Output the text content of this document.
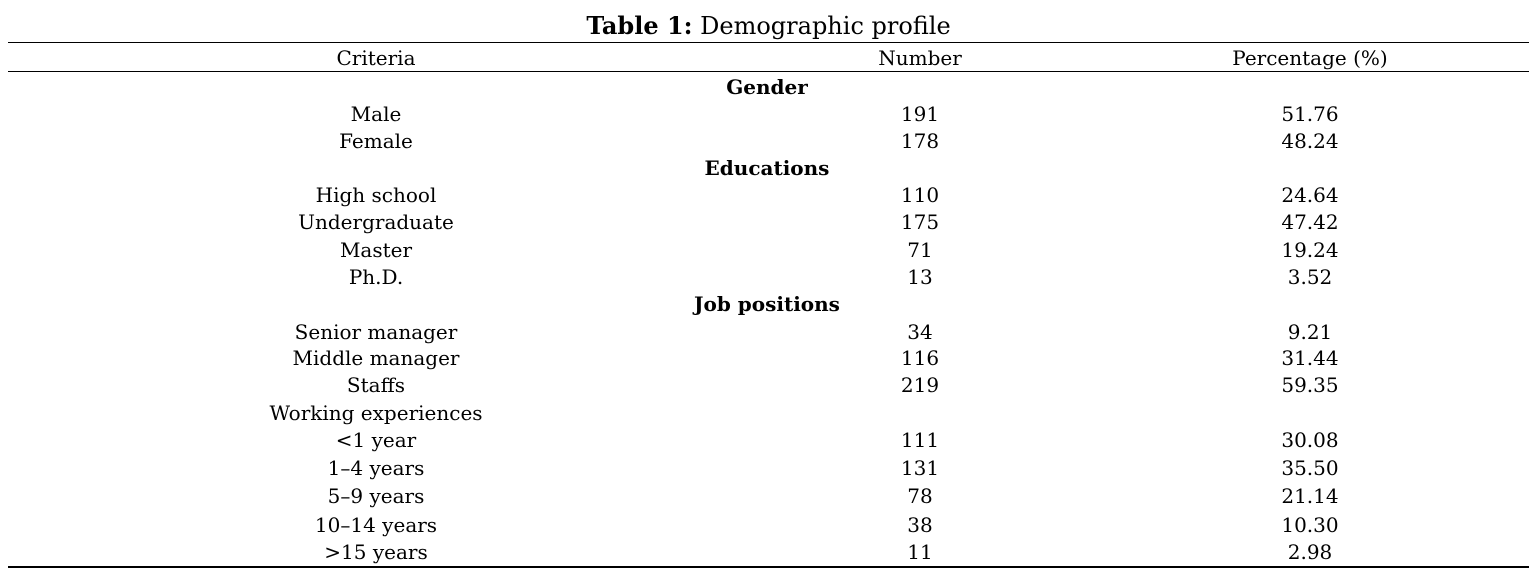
Table 1: Demographic profile
Criteria	Number	Percentage (%)
Gender
Male	191	51.76
Female	178	48.24
Educations
High school	110	24.64
Undergraduate	175	47.42
Master	71	19.24
Ph.D.	13	3.52
Job positions
Senior manager	34	9.21
Middle manager	116	31.44
Staffs	219	59.35
Working experiences
<1 year	111	30.08
1–4 years	131	35.50
5–9 years	78	21.14
10–14 years	38	10.30
>15 years	11	2.98
